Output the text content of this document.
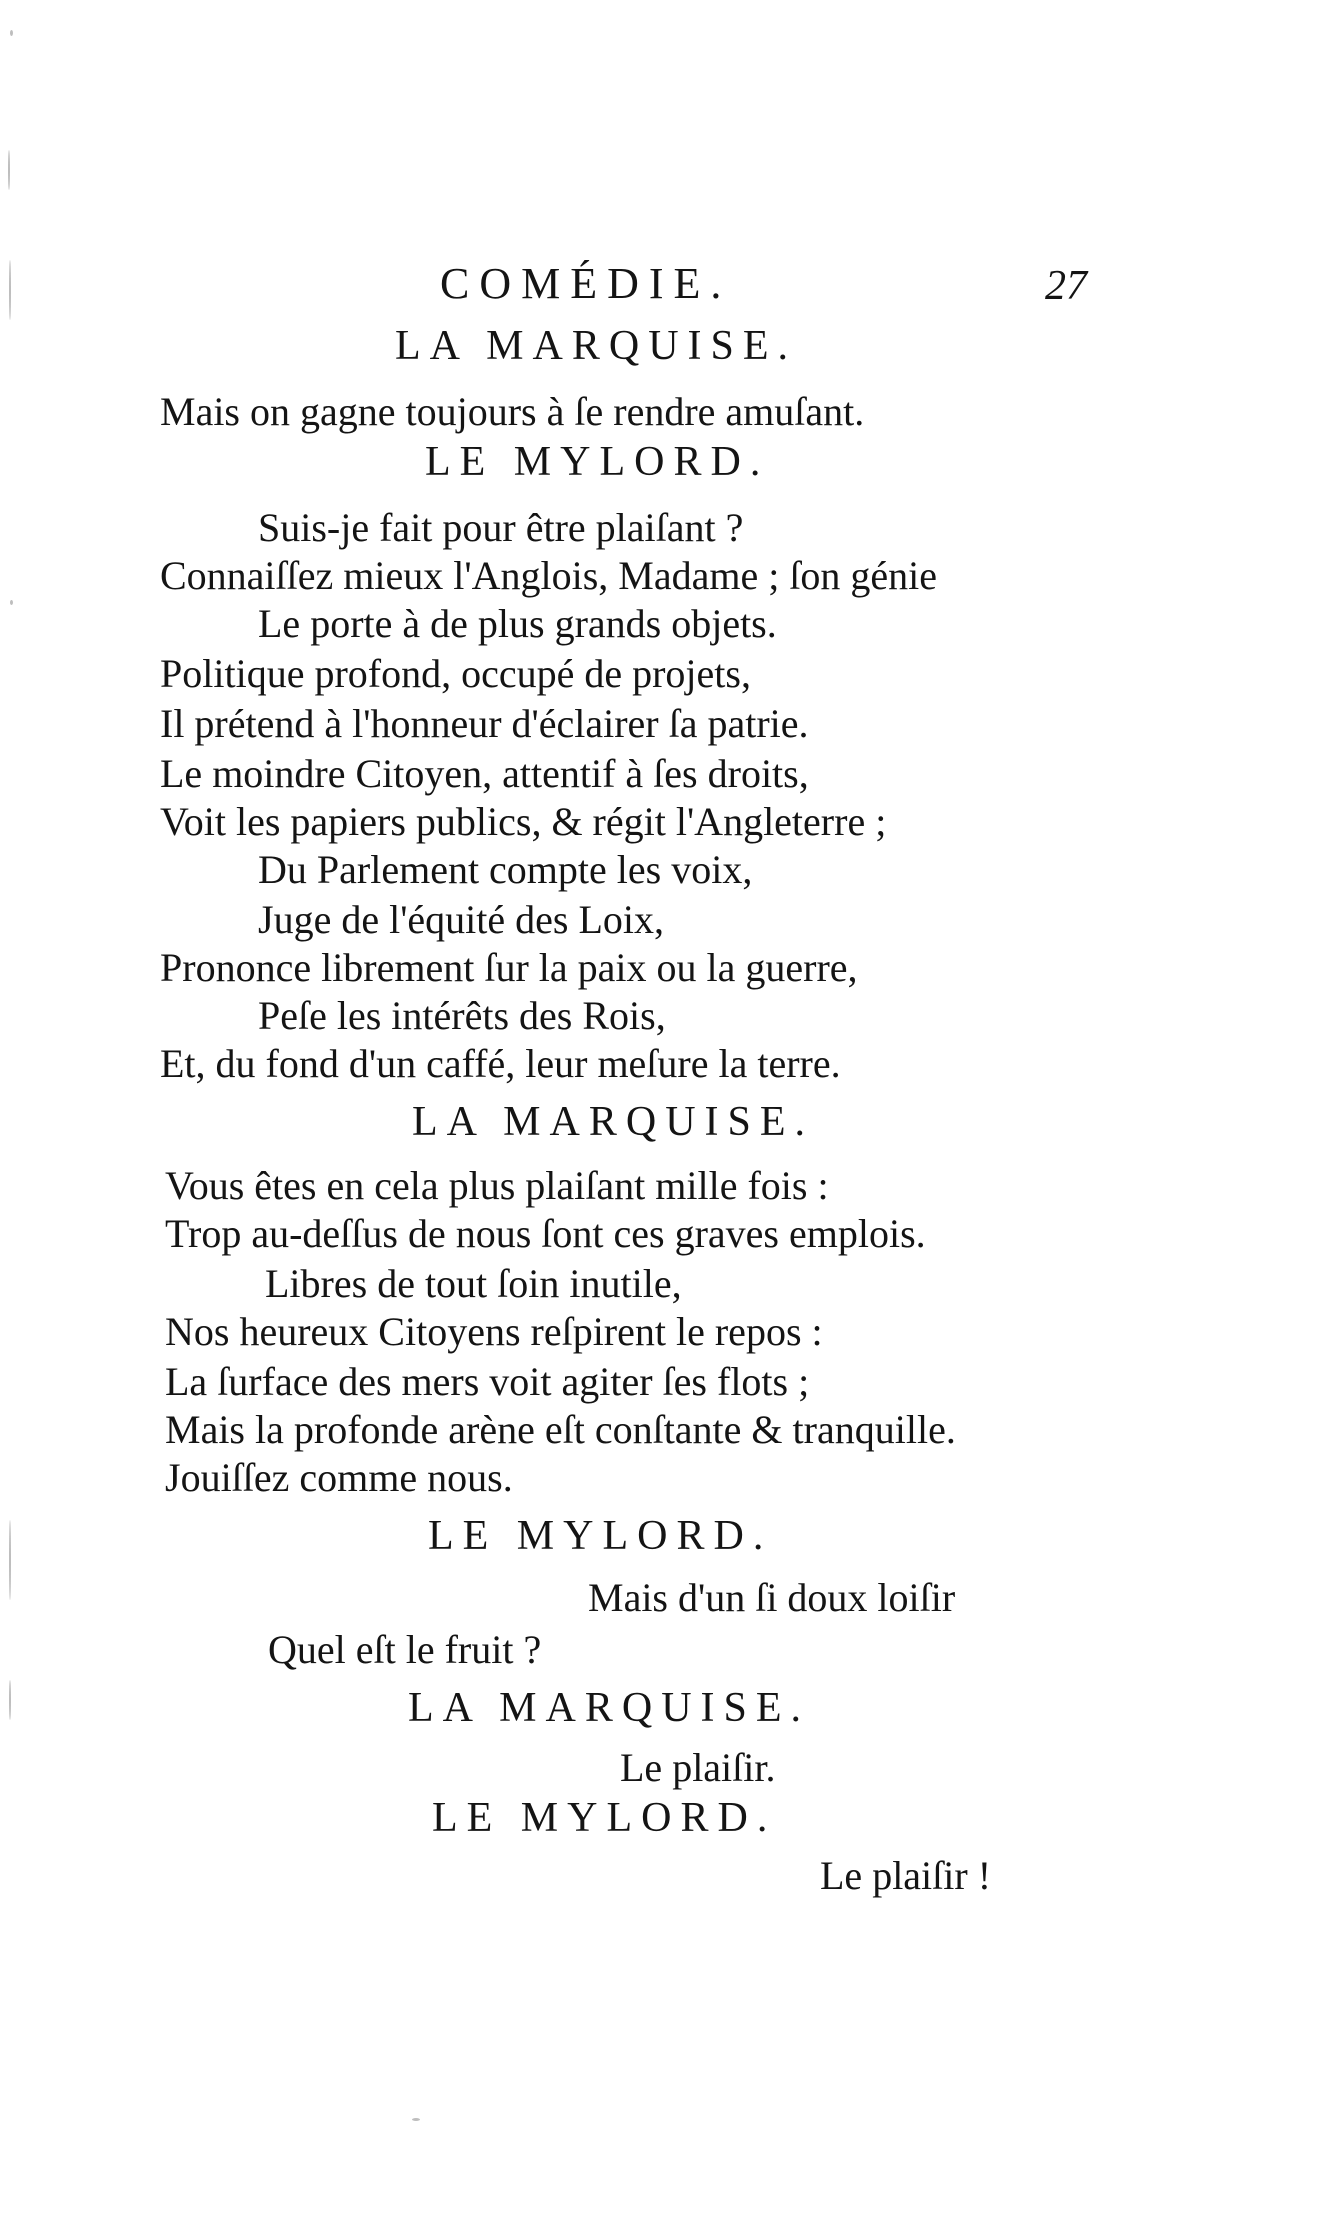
COMÉDIE.	27
LA MARQUISE.
Mais on gagne toujours à ſe rendre amuſant.
LE MYLORD.
Suis-je fait pour être plaiſant ?
Connaiſſez mieux l'Anglois, Madame ; ſon génie
Le porte à de plus grands objets.
Politique profond, occupé de projets,
Il prétend à l'honneur d'éclairer ſa patrie.
Le moindre Citoyen, attentif à ſes droits,
Voit les papiers publics, & régit l'Angleterre ;
Du Parlement compte les voix,
Juge de l'équité des Loix,
Prononce librement ſur la paix ou la guerre,
Peſe les intérêts des Rois,
Et, du fond d'un caffé, leur meſure la terre.
LA MARQUISE.
Vous êtes en cela plus plaiſant mille fois :
Trop au-deſſus de nous ſont ces graves emplois.
Libres de tout ſoin inutile,
Nos heureux Citoyens reſpirent le repos :
La ſurface des mers voit agiter ſes flots ;
Mais la profonde arène eſt conſtante & tranquille.
Jouiſſez comme nous.
LE MYLORD.
Mais d'un ſi doux loiſir
Quel eſt le fruit ?
LA MARQUISE.
Le plaiſir.
LE MYLORD.
Le plaiſir !
